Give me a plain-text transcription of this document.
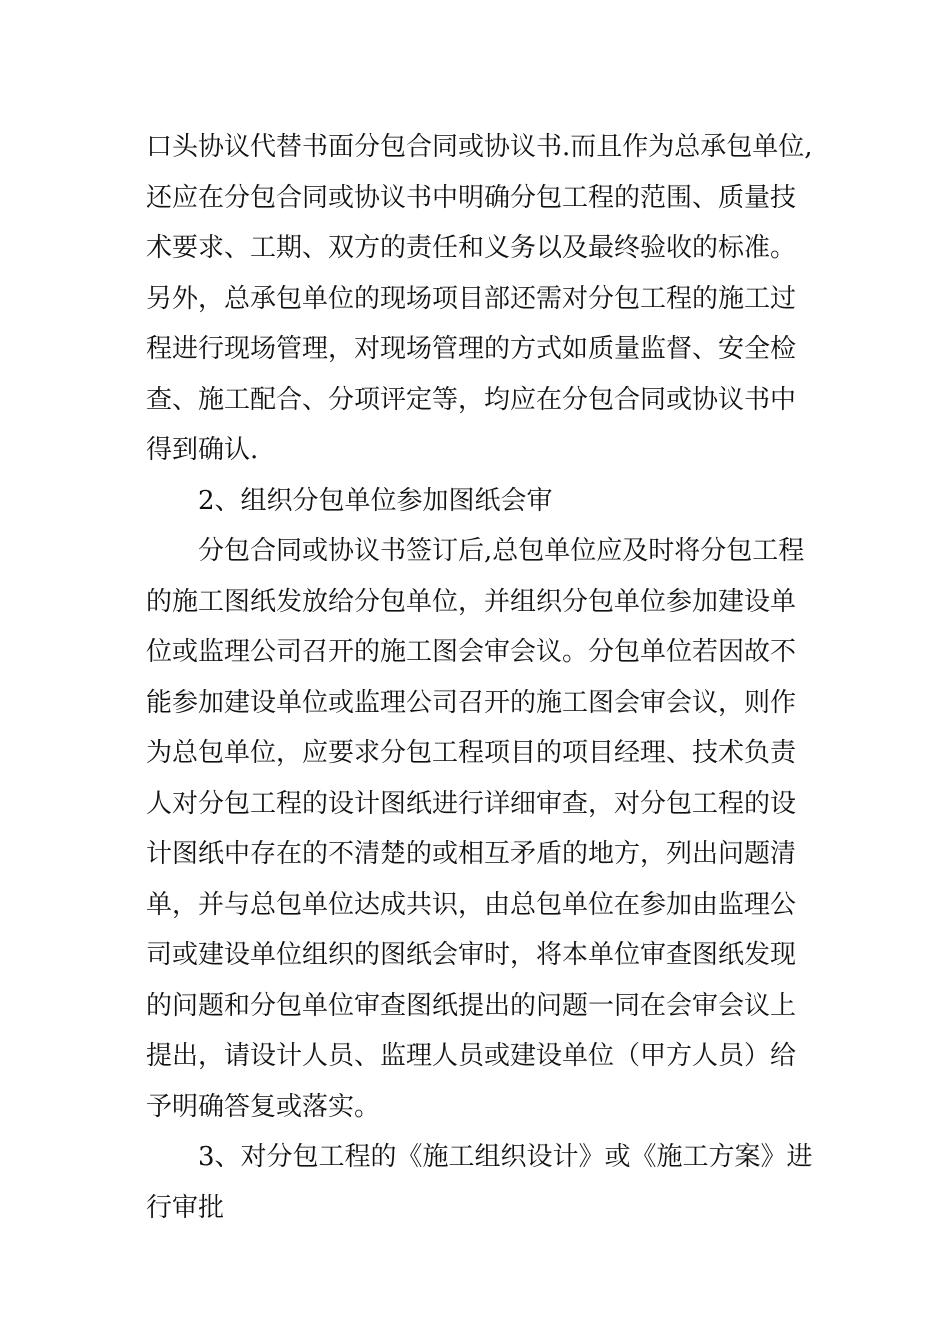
口头协议代替书面分包合同或协议书.而且作为总承包单位,
还应在分包合同或协议书中明确分包工程的范围、质量技
术要求、工期、双方的责任和义务以及最终验收的标准。
另外，总承包单位的现场项目部还需对分包工程的施工过
程进行现场管理，对现场管理的方式如质量监督、安全检
查、施工配合、分项评定等，均应在分包合同或协议书中
得到确认.
2、组织分包单位参加图纸会审
分包合同或协议书签订后,总包单位应及时将分包工程
的施工图纸发放给分包单位，并组织分包单位参加建设单
位或监理公司召开的施工图会审会议。分包单位若因故不
能参加建设单位或监理公司召开的施工图会审会议，则作
为总包单位，应要求分包工程项目的项目经理、技术负责
人对分包工程的设计图纸进行详细审查，对分包工程的设
计图纸中存在的不清楚的或相互矛盾的地方，列出问题清
单，并与总包单位达成共识，由总包单位在参加由监理公
司或建设单位组织的图纸会审时，将本单位审查图纸发现
的问题和分包单位审查图纸提出的问题一同在会审会议上
提出，请设计人员、监理人员或建设单位（甲方人员）给
予明确答复或落实。
3、对分包工程的《施工组织设计》或《施工方案》进
行审批
